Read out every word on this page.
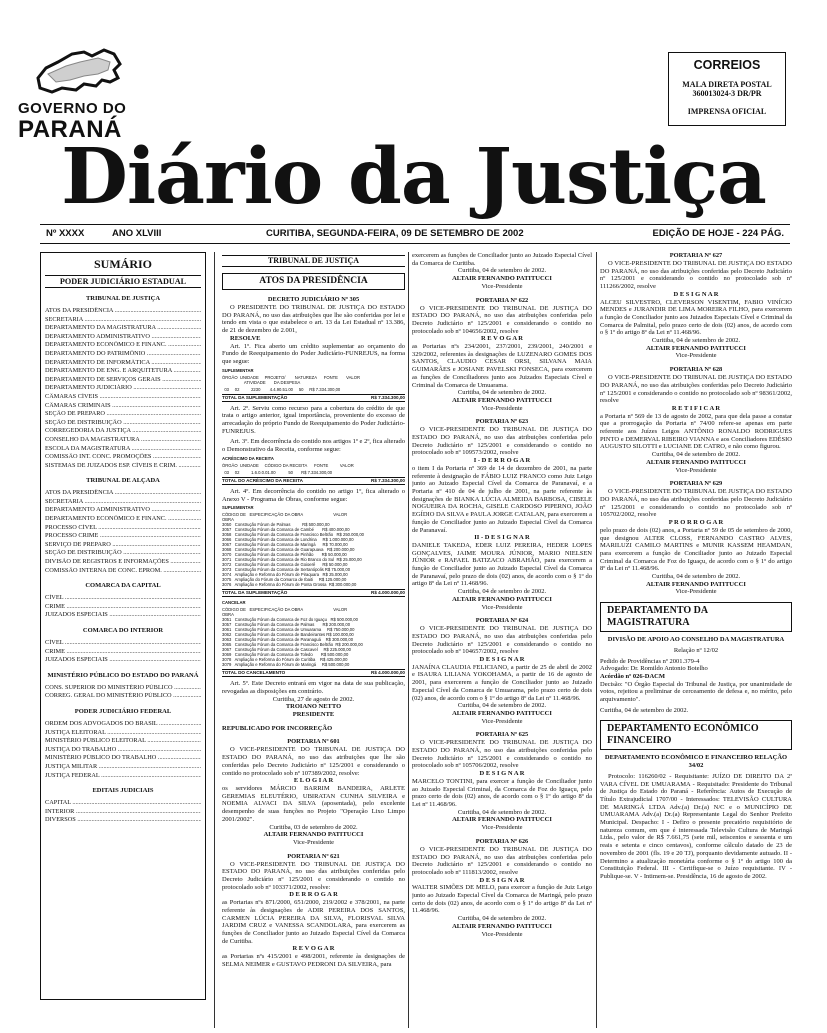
GOVERNO DO
PARANÁ
CORREIOS
MALA DIRETA POSTAL
360013024-3 DR/PR
IMPRENSA OFICIAL
Diário da Justiça
Nº XXXX	ANO XLVIII	CURITIBA, SEGUNDA-FEIRA, 09 DE SETEMBRO DE 2002	EDIÇÃO DE HOJE - 224 PÁG.
SUMÁRIO
PODER JUDICIÁRIO ESTADUAL
TRIBUNAL DE JUSTIÇA
ATOS DA PRESIDÊNCIA .....
SECRETARIA .....
DEPARTAMENTO DA MAGISTRATURA .....
DEPARTAMENTO ADMINISTRATIVO .....
DEPARTAMENTO ECONÔMICO E FINANC. .....
DEPARTAMENTO DO PATRIMÔNIO .....
DEPARTAMENTO DE INFORMÁTICA .....
DEPARTAMENTO DE ENG. E ARQUITETURA .....
DEPARTAMENTO DE SERVIÇOS GERAIS .....
DEPARTAMENTO JUDICIÁRIO .....
CÂMARAS CÍVEIS .....
CÂMARAS CRIMINAIS .....
SEÇÃO DE PREPARO .....
SEÇÃO DE DISTRIBUIÇÃO .....
CORREGEDORIA DA JUSTIÇA .....
CONSELHO DA MAGISTRATURA .....
ESCOLA DA MAGISTRATURA .....
COMISSÃO INT. CONC. PROMOÇÕES .....
SISTEMAS DE JUIZADOS ESP. CÍVEIS E CRIM. .....
TRIBUNAL DE ALÇADA
ATOS DA PRESIDÊNCIA .....
SECRETARIA .....
DEPARTAMENTO ADMINISTRATIVO .....
DEPARTAMENTO ECONÔMICO E FINANC. .....
PROCESSO CÍVEL .....
PROCESSO CRIME .....
SERVIÇO DE PREPARO .....
SEÇÃO DE DISTRIBUIÇÃO .....
DIVISÃO DE REGISTROS E INFORMAÇÕES .....
COMISSÃO INTERNA DE CONC. EPROM. .....
COMARCA DA CAPITAL
CÍVEL .....
CRIME .....
JUIZADOS ESPECIAIS .....
COMARCA DO INTERIOR
CÍVEL .....
CRIME .....
JUIZADOS ESPECIAIS .....
MINISTÉRIO PÚBLICO DO ESTADO DO PARANÁ
CONS. SUPERIOR DO MINISTÉRIO PÚBLICO .....
CORREG. GERAL DO MINISTÉRIO PÚBLICO .....
PODER JUDICIÁRIO FEDERAL
ORDEM DOS ADVOGADOS DO BRASIL .....
JUSTIÇA ELEITORAL .....
MINISTÉRIO PÚBLICO ELEITORAL .....
JUSTIÇA DO TRABALHO .....
MINISTÉRIO PÚBLICO DO TRABALHO .....
JUSTIÇA MILITAR .....
JUSTIÇA FEDERAL .....
EDITAIS JUDICIAIS
CAPITAL .....
INTERIOR .....
DIVERSOS .....
TRIBUNAL DE JUSTIÇA
ATOS DA PRESIDÊNCIA
DECRETO JUDICIÁRIO Nº 305

O PRESIDENTE DO TRIBUNAL DE JUSTIÇA DO ESTADO DO PARANÁ, no uso das atribuições que lhe são conferidas por lei e tendo em vista o que estabelece o art. 13 da Lei Estadual nº 13.386, de 21 de dezembro de 2.001,

RESOLVE

Art. 1º. Fica aberto um crédito suplementar ao orçamento do Fundo de Reequipamento do Poder Judiciário-FUNREJUS, na forma que segue:

SUPLEMENTAR
ÓRGÃO  UNIDADE     PROJETO/        NATUREZA      FONTE       VALOR
ATIVIDADE       DA DESPESA
03     02          2230        4.4.90.51.00     50     R$ 7.334.300,00
TOTAL DA SUPLEMENTAÇÃO	R$ 7.334.300,00

Art. 2º. Serviu como recurso para a cobertura do crédito de que trata o artigo anterior, igual importância, proveniente do excesso de arrecadação do próprio Fundo de Reequipamento do Poder Judiciário- FUNREJUS.

Art. 3º. Em decorrência do contido nos artigos 1º e 2º, fica alterado o Demonstrativo da Receita, conforme segue:

ACRÉSCIMO DA RECEITA
ÓRGÃO  UNIDADE     CÓDIGO DA RECEITA      FONTE          VALOR
03     02          1.6.0.0.01.00           50       R$ 7.334.300,00
TOTAL DO ACRÉSCIMO DA RECEITA	R$ 7.334.300,00

Art. 4º. Em decorrência do contido no artigo 1º, fica alterado o Anexo V - Programa de Obras, conforme segue:

SUPLEMENTAR
CÓDIGO DE   ESPECIFICAÇÃO DA OBRA                          VALOR
OBRA
3050   Construção Fórum de Palmas          R$ 500.000,00
3057   Construção Fórum da Comarca de Cambé       R$ 400.000,00
3058   Construção Fórum da Comarca de Francisco Beltrão   R$ 250.000,00
3066   Construção Fórum da Comarca de Londrina     R$ 1.000.000,00
3067   Construção Fórum da Comarca de Maringá      R$ 70.000,00
3068   Construção Fórum da Comarca de Guarapuava   R$ 200.000,00
3070   Construção Fórum da Comarca de Pinhão       R$ 50.000,00
3071   Construção Fórum da Comarca de Rio Branco do Sul  R$ 25.000,00
3072   Construção Fórum da Comarca de Goioerê      R$ 50.000,00
3073   Construção Fórum da Comarca de Sertanópolis R$ 75.000,00
3074   Ampliação e Reforma do Fórum de Piraquara   R$ 25.000,00
3075   Ampliação do Fórum da Comarca de Ibaiti     R$ 125.000,00
3076   Ampliação e Reforma do Fórum de Ponta Grossa  R$ 300.000,00
TOTAL DA SUPLEMENTAÇÃO	R$ 4.000.000,00
CANCELAR
CÓDIGO DE   ESPECIFICAÇÃO DA OBRA                          VALOR
OBRA
3051   Construção Fórum da Comarca de Foz do Iguaçu   R$ 500.000,00
3057   Construção Fórum da Comarca de Palmas       R$ 200.000,00
3061   Construção Fórum da Comarca de Umuarama     R$ 750.000,00
3062   Construção Fórum da Comarca de Bandeirantes R$ 100.000,00
3063   Construção Fórum da Comarca de Paranaguá    R$ 300.000,00
3065   Construção Fórum da Comarca de Francisco Beltrão  R$ 200.000,00
3067   Construção Fórum da Comarca de Cascavel     R$ 225.000,00
3069   Construção Fórum da Comarca de Toledo       R$ 500.000,00
3078   Ampliação e Reforma do Fórum de Curitiba    R$ 425.000,00
3079   Ampliação e Reforma do Fórum de Maringá     R$ 500.000,00
TOTAL DO CANCELAMENTO	R$ 4.000.000,00

Art. 5º. Este Decreto entrará em vigor na data de sua publicação, revogadas as disposições em contrário.

Curitiba, 27 de agosto de 2002.

TROIANO NETTO

PRESIDENTE

REPUBLICADO POR INCORREÇÃO

PORTARIA Nº 601

O VICE-PRESIDENTE DO TRIBUNAL DE JUSTIÇA DO ESTADO DO PARANÁ, no uso das atribuições que lhe são conferidas pelo Decreto Judiciário nº 125/2001 e considerando o contido no protocolado sob nº 107389/2002, resolve:

E L O G I A R

os servidores MÁRCIO BARRIM BANDEIRA, ARLETE GEREMIAS ELEUTÉRIO, UBIRATAN CUNHA SILVEIRA e NOEMIA ALVACI DA SILVA (aposentada), pelo excelente desempenho de suas funções no Projeto "Operação Lixo Limpo 2001/2002".

Curitiba, 03 de setembro de 2002.

ALTAIR FERNANDO PATITUCCI

Vice-Presidente

PORTARIA Nº 621

O VICE-PRESIDENTE DO TRIBUNAL DE JUSTIÇA DO ESTADO DO PARANÁ, no uso das atribuições conferidas pelo Decreto Judiciário nº 125/2001 e considerando o contido no protocolado sob nº 103371/2002, resolve:

D E R R O G A R

as Portarias nºs 871/2000, 651/2000, 219/2002 e 378/2001, na parte referente às designações de ADIR PEREIRA DOS SANTOS, CARMEN LÚCIA PEREIRA DA SILVA, FLORISVAL SILVA JARDIM CRUZ e VANESSA SCANDOLARA, para exercerem as funções de Conciliador junto ao Juizado Especial Cível da Comarca de Curitiba.

R E V O G A R

as Portarias nºs 415/2001 e 498/2001, referente às designações de SELMA NEIMER e GUSTAVO PEDRONI DA SILVEIRA, para

exercerem as funções de Conciliador junto ao Juizado Especial Cível da Comarca de Curitiba.

Curitiba, 04 de setembro de 2002.

ALTAIR FERNANDO PATITUCCI

Vice-Presidente

PORTARIA Nº 622

O VICE-PRESIDENTE DO TRIBUNAL DE JUSTIÇA DO ESTADO DO PARANÁ, no uso das atribuições conferidas pelo Decreto Judiciário nº 125/2001 e considerando o contido no protocolado sob nº 104656/2002, resolve

R E V O G A R

as Portarias nºs 234/2001, 237/2001, 239/2001, 240/2001 e 329/2002, referentes às designações de LUZENARO GOMES DOS SANTOS, CLAUDIO CESAR ORSI, SILVANA MAIA GUIMARÃES e JOSIANE PAVELSKI FONSECA, para exercerem as funções de Conciliadores junto aos Juizados Especiais Cível e Criminal da Comarca de Umuarama.

Curitiba, 04 de setembro de 2002.

ALTAIR FERNANDO PATITUCCI

Vice-Presidente

PORTARIA Nº 623

O VICE-PRESIDENTE DO TRIBUNAL DE JUSTIÇA DO ESTADO DO PARANÁ, no uso das atribuições conferidas pelo Decreto Judiciário nº 125/2001 e considerando o contido no protocolado sob nº 109573/2002, resolve

I - D E R R O G A R

o item I da Portaria nº 369 de 14 de dezembro de 2001, na parte referente à designação de FÁBIO LUIZ FRANCO como Juiz Leigo junto ao Juizado Especial Cível da Comarca de Paranavaí, e a Portaria nº 410 de 04 de julho de 2001, na parte referente às designações de BIANKA LÚCIA ALMEIDA BARBOSA, CIBELE NOGUEIRA DA ROCHA, GISELE CARDOSO PIPERNO, JOÃO EGÍDIO DA SILVA e PAULA JORGE CATALAN, para exercerem a função de Conciliador junto ao Juizado Especial Cível da Comarca de Paranavaí.

II - D E S I G N A R

DANIELE TAKEDA, EDER LUIZ PEREIRA, HEDER LOPES GONÇALVES, JAIME MOURA JÚNIOR, MARIO NIELSEN JÚNIOR e RAFAEL BATIZACO ABRAHÃO, para exercerem a função de Conciliador junto ao Juizado Especial Cível da Comarca de Paranavaí, pelo prazo de dois (02) anos, de acordo com o § 1º do artigo 8º da Lei nº 11.468/96.

Curitiba, 04 de setembro de 2002.

ALTAIR FERNANDO PATITUCCI

Vice-Presidente

PORTARIA Nº 624

O VICE-PRESIDENTE DO TRIBUNAL DE JUSTIÇA DO ESTADO DO PARANÁ, no uso das atribuições conferidas pelo Decreto Judiciário nº 125/2001 e considerando o contido no protocolado sob nº 104657/2002, resolve

D E S I G N A R

JANAÍNA CLAUDIA FELICIANO, a partir de 25 de abril de 2002 e ISAURA LILIANA YOKOHAMA, a partir de 16 de agosto de 2001, para exercerem a função de Conciliador junto ao Juizado Especial Cível da Comarca de Umuarama, pelo prazo certo de dois (02) anos, de acordo com o § 1º do artigo 8º da Lei nº 11.468/96.

Curitiba, 04 de setembro de 2002.

ALTAIR FERNANDO PATITUCCI

Vice-Presidente

PORTARIA Nº 625

O VICE-PRESIDENTE DO TRIBUNAL DE JUSTIÇA DO ESTADO DO PARANÁ, no uso das atribuições conferidas pelo Decreto Judiciário nº 125/2001 e considerando o contido no protocolado sob nº 105706/2002, resolve

D E S I G N A R

MARCELO TONTINI, para exercer a função de Conciliador junto ao Juizado Especial Criminal, da Comarca de Foz do Iguaçu, pelo prazo certo de dois (02) anos, de acordo com o § 1º do artigo 8º da Lei nº 11.468/96.

Curitiba, 04 de setembro de 2002.

ALTAIR FERNANDO PATITUCCI

Vice-Presidente

PORTARIA Nº 626

O VICE-PRESIDENTE DO TRIBUNAL DE JUSTIÇA DO ESTADO DO PARANÁ, no uso das atribuições conferidas pelo Decreto Judiciário nº 125/2001 e considerando o contido no protocolado sob nº 111813/2002, resolve

D E S I G N A R

WALTER SIMÕES DE MELO, para exercer a função de Juiz Leigo junto ao Juizado Especial Cível da Comarca de Maringá, pelo prazo certo de dois (02) anos, de acordo com o § 1º do artigo 8º da Lei nº 11.468/96.

Curitiba, 04 de setembro de 2002.

ALTAIR FERNANDO PATITUCCI

Vice-Presidente

PORTARIA Nº 627

O VICE-PRESIDENTE DO TRIBUNAL DE JUSTIÇA DO ESTADO DO PARANÁ, no uso das atribuições conferidas pelo Decreto Judiciário nº 125/2001 e considerando o contido no protocolado sob nº 111266/2002, resolve

D E S I G N A R

ALCEU SILVESTRO, CLEVERSON VISENTIM, FABIO VINÍCIO MENDES e JURANDIR DE LIMA MOREIRA FILHO, para exercerem a função de Conciliador junto aos Juizados Especiais Cível e Criminal da Comarca de Palmital, pelo prazo certo de dois (02) anos, de acordo com o § 1º do artigo 8º da Lei nº 11.468/96.

Curitiba, 04 de setembro de 2002.

ALTAIR FERNANDO PATITUCCI

Vice-Presidente

PORTARIA Nº 628

O VICE-PRESIDENTE DO TRIBUNAL DE JUSTIÇA DO ESTADO DO PARANÁ, no uso das atribuições conferidas pelo Decreto Judiciário nº 125/2001 e considerando o contido no protocolado sob nº 98361/2002, resolve

R E T I F I C A R

a Portaria nº 569 de 13 de agosto de 2002, para que dela passe a constar que a prorrogação da Portaria nº 74/00 refere-se apenas em parte referente aos Juízes Leigos ANTÔNIO RONALDO RODRIGUES PINTO e DEMERVAL RIBEIRO VIANNA e aos Conciliadores EDÉSIO AUGUSTO SILOTTI e LUCIANE DE CATRO, e não como figurou.

Curitiba, 04 de setembro de 2002.

ALTAIR FERNANDO PATITUCCI

Vice-Presidente

PORTARIA Nº 629

O VICE-PRESIDENTE DO TRIBUNAL DE JUSTIÇA DO ESTADO DO PARANÁ, no uso das atribuições conferidas pelo Decreto Judiciário nº 125/2001 e considerando o contido no protocolado sob nº 105702/2002, resolve

P R O R R O G A R

pelo prazo de dois (02) anos, a Portaria nº 59 de 05 de setembro de 2000, que designou ALTER CLOSS, FERNANDO CASTRO ALVES, MARILUZI CAMILO MARTINS e MUNIR KASSEM HEAMDAN, para exercerem a função de Conciliador junto ao Juizado Especial Criminal da Comarca de Foz do Iguaçu, de acordo com o § 1º do artigo 8º da Lei nº 11.468/96.

Curitiba, 04 de setembro de 2002.

ALTAIR FERNANDO PATITUCCI

Vice-Presidente

DEPARTAMENTO DA MAGISTRATURA

DIVISÃO DE APOIO AO CONSELHO DA MAGISTRATURA

Relação nº 12/02

Pedido de Providências nº 2001.379-4

Advogado: Dr. Romildo Antonio Botelho

Acórdão nº 026-DACM

Decisão: "O Órgão Especial do Tribunal de Justiça, por unanimidade de votos, rejeitou a preliminar de cerceamento de defesa e, no mérito, pelo arquivamento".

Curitiba, 04 de setembro de 2002.

DEPARTAMENTO ECONÔMICO FINANCEIRO

DEPARTAMENTO ECONÔMICO E FINANCEIRO RELAÇÃO 34/02

Protocolo: 116260/02 - Requisitante: JUÍZO DE DIREITO DA 2ª VARA CÍVEL DE UMUARAMA - Requisitado: Presidente do Tribunal de Justiça do Estado do Paraná - Referência: Autos de Execução de Título Extrajudicial 1707/00 - Interessados: TELEVISÃO CULTURA DE MARINGÁ LTDA Adv.(a) Dr.(a) N/C e o MUNICÍPIO DE UMUARAMA Adv.(a) Dr.(a) Representante Legal do Senhor Prefeito Municipal. Despacho: I - Defiro o presente precatório requisitório de natureza comum, em que é interessada Televisão Cultura de Maringá Ltda., pelo valor de R$ 7.661,75 (sete mil, seiscentos e sessenta e um reais e setenta e cinco centavos), conforme cálculo datado de 23 de novembro de 2001 (fls. 19 e 20 TJ), porquanto devidamente autuado. II - Determino a atualização monetária conforme o § 1º do artigo 100 da Constituição Federal. III - Certifique-se o Juízo requisitante. IV - Publique-se. V - Intimem-se. Presidência, 16 de agosto de 2002.
